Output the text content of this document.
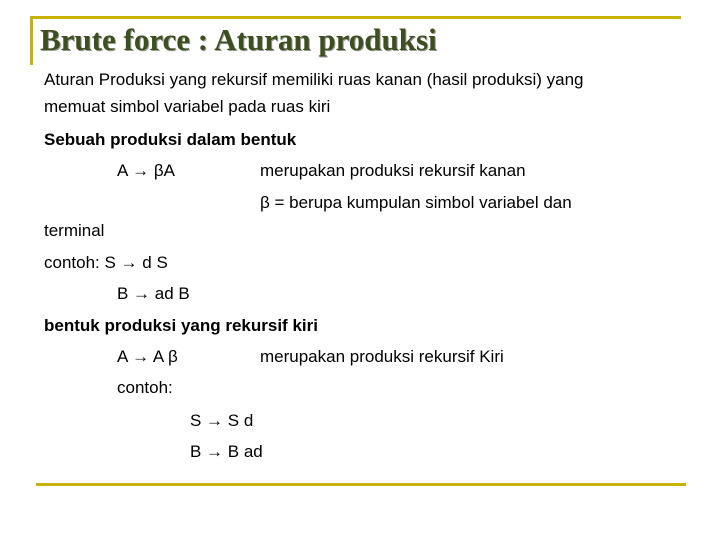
Brute force : Aturan produksi
Aturan Produksi yang rekursif memiliki ruas kanan (hasil produksi) yang
memuat simbol variabel pada ruas kiri
Sebuah produksi dalam bentuk
A → βA	merupakan produksi rekursif kanan
β = berupa kumpulan simbol variabel dan
terminal
contoh: S → d S
B → ad B
bentuk produksi yang rekursif kiri
A → A β	merupakan produksi rekursif Kiri
contoh:
S → S d
B → B ad
